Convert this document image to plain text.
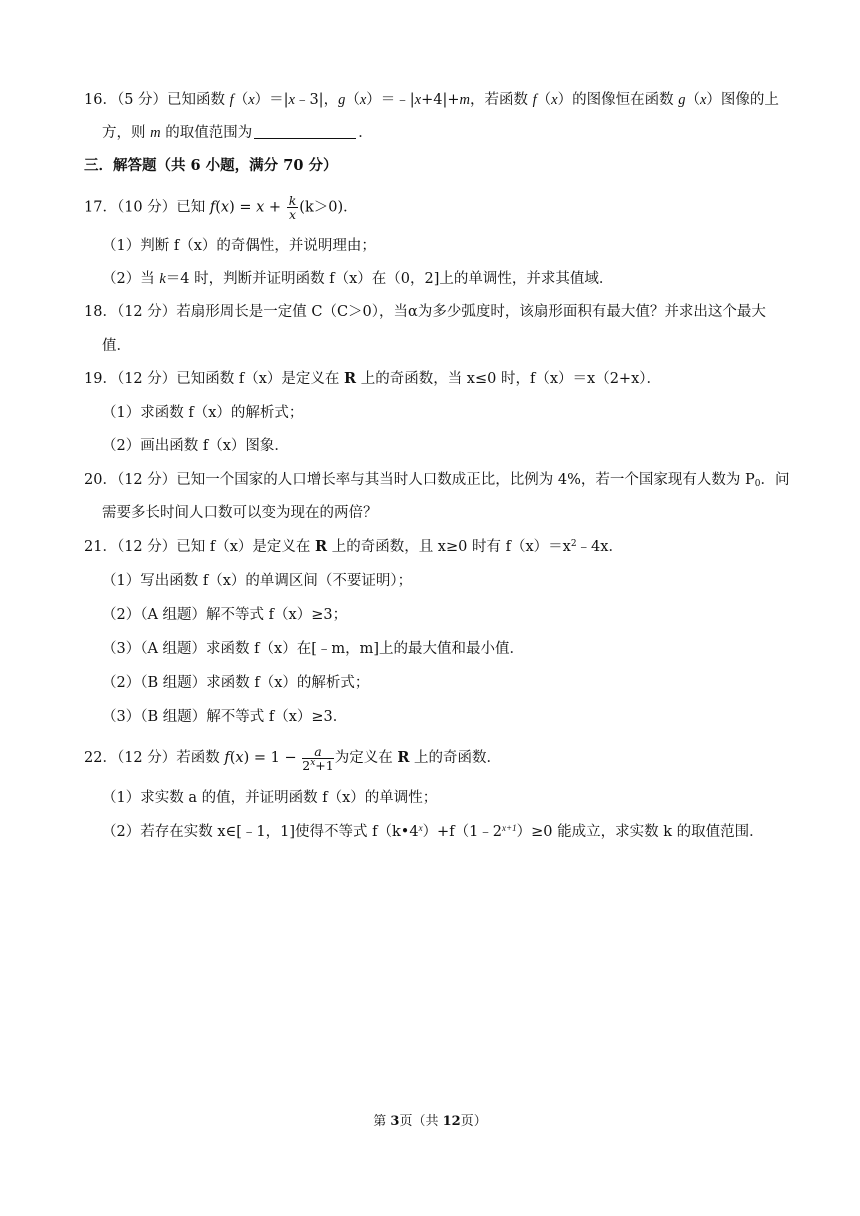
16．（5 分）已知函数 f（x）＝|x﹣3|，g（x）＝﹣|x+4|+m，若函数 f（x）的图像恒在函数 g（x）图像的上
方，则 m 的取值范围为	．
三．解答题（共 6 小题，满分 70 分）
17．（10 分）已知 $f(x) = x + \frac{k}{x} (k>0)$．
（1）判断 f（x）的奇偶性，并说明理由；
（2）当 k＝4 时，判断并证明函数 f（x）在（0，2]上的单调性，并求其值域．
18．（12 分）若扇形周长是一定值 C（C＞0），当α为多少弧度时，该扇形面积有最大值？并求出这个最大
值．
19．（12 分）已知函数 f（x）是定义在 R 上的奇函数，当 x≤0 时，f（x）＝x（2+x）．
（1）求函数 f（x）的解析式；
（2）画出函数 f（x）图象．
20．（12 分）已知一个国家的人口增长率与其当时人口数成正比，比例为 4%，若一个国家现有人数为 $P_0$．问
需要多长时间人口数可以变为现在的两倍？
21．（12 分）已知 f（x）是定义在 R 上的奇函数，且 x≥0 时有 $f(x)=x^2﹣4x$．
（1）写出函数 f（x）的单调区间（不要证明）；
（2）（A 组题）解不等式 f（x）≥3；
（3）（A 组题）求函数 f（x）在[﹣m，m]上的最大值和最小值．
（2）（B 组题）求函数 f（x）的解析式；
（3）（B 组题）解不等式 f（x）≥3．
22．（12 分）若函数 $f(x) = 1 - \frac{a}{2^x+1}$ 为定义在 R 上的奇函数．
（1）求实数 a 的值，并证明函数 f（x）的单调性；
（2）若存在实数 x∈[﹣1，1]使得不等式 $f(k•4^x)+f(1﹣2^{x+1})\ge 0$ 能成立，求实数 k 的取值范围．
第 3页（共 12页）
